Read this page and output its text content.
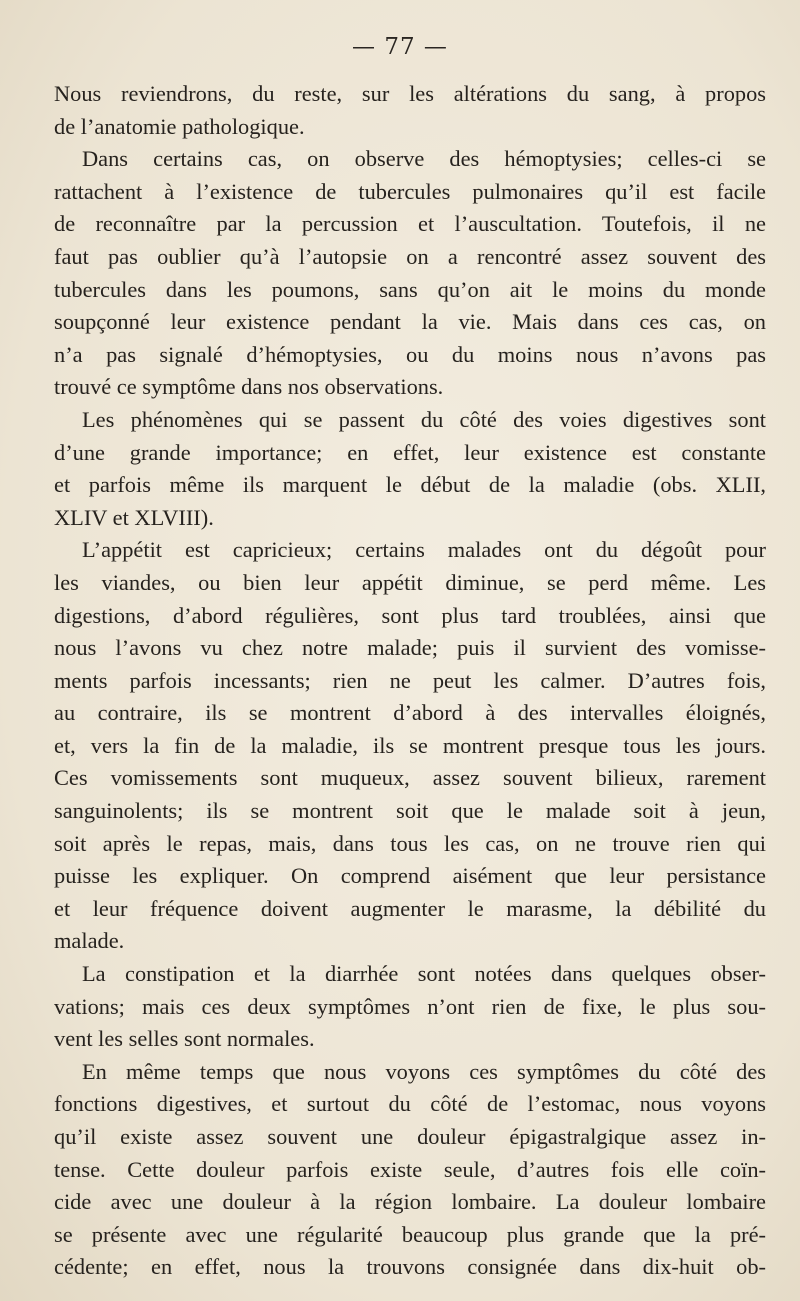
— 77 —
Nous reviendrons, du reste, sur les altérations du sang, à propos
de l’anatomie pathologique.
Dans certains cas, on observe des hémoptysies; celles-ci se
rattachent à l’existence de tubercules pulmonaires qu’il est facile
de reconnaître par la percussion et l’auscultation. Toutefois, il ne
faut pas oublier qu’à l’autopsie on a rencontré assez souvent des
tubercules dans les poumons, sans qu’on ait le moins du monde
soupçonné leur existence pendant la vie. Mais dans ces cas, on
n’a pas signalé d’hémoptysies, ou du moins nous n’avons pas
trouvé ce symptôme dans nos observations.
Les phénomènes qui se passent du côté des voies digestives sont
d’une grande importance; en effet, leur existence est constante
et parfois même ils marquent le début de la maladie (obs. XLII,
XLIV et XLVIII).
L’appétit est capricieux; certains malades ont du dégoût pour
les viandes, ou bien leur appétit diminue, se perd même. Les
digestions, d’abord régulières, sont plus tard troublées, ainsi que
nous l’avons vu chez notre malade; puis il survient des vomisse-
ments parfois incessants; rien ne peut les calmer. D’autres fois,
au contraire, ils se montrent d’abord à des intervalles éloignés,
et, vers la fin de la maladie, ils se montrent presque tous les jours.
Ces vomissements sont muqueux, assez souvent bilieux, rarement
sanguinolents; ils se montrent soit que le malade soit à jeun,
soit après le repas, mais, dans tous les cas, on ne trouve rien qui
puisse les expliquer. On comprend aisément que leur persistance
et leur fréquence doivent augmenter le marasme, la débilité du
malade.
La constipation et la diarrhée sont notées dans quelques obser-
vations; mais ces deux symptômes n’ont rien de fixe, le plus sou-
vent les selles sont normales.
En même temps que nous voyons ces symptômes du côté des
fonctions digestives, et surtout du côté de l’estomac, nous voyons
qu’il existe assez souvent une douleur épigastralgique assez in-
tense. Cette douleur parfois existe seule, d’autres fois elle coïn-
cide avec une douleur à la région lombaire. La douleur lombaire
se présente avec une régularité beaucoup plus grande que la pré-
cédente; en effet, nous la trouvons consignée dans dix-huit ob-
